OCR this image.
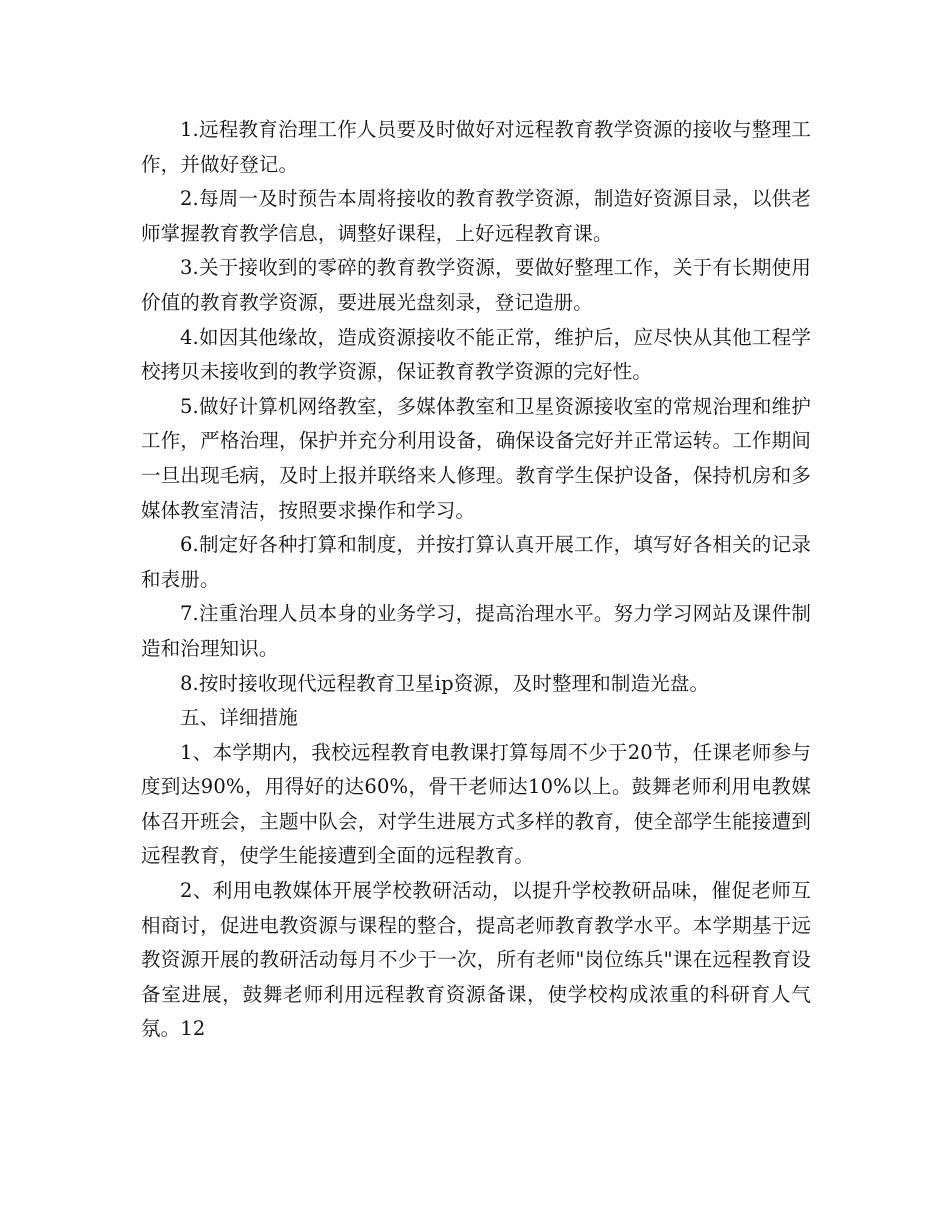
1.远程教育治理工作人员要及时做好对远程教育教学资源的接收与整理工作，并做好登记。

2.每周一及时预告本周将接收的教育教学资源，制造好资源目录，以供老师掌握教育教学信息，调整好课程，上好远程教育课。

3.关于接收到的零碎的教育教学资源，要做好整理工作，关于有长期使用价值的教育教学资源，要进展光盘刻录，登记造册。

4.如因其他缘故，造成资源接收不能正常，维护后，应尽快从其他工程学校拷贝未接收到的教学资源，保证教育教学资源的完好性。

5.做好计算机网络教室，多媒体教室和卫星资源接收室的常规治理和维护工作，严格治理，保护并充分利用设备，确保设备完好并正常运转。工作期间一旦出现毛病，及时上报并联络来人修理。教育学生保护设备，保持机房和多媒体教室清洁，按照要求操作和学习。

6.制定好各种打算和制度，并按打算认真开展工作，填写好各相关的记录和表册。

7.注重治理人员本身的业务学习，提高治理水平。努力学习网站及课件制造和治理知识。

8.按时接收现代远程教育卫星ip资源，及时整理和制造光盘。

五、详细措施

1、本学期内，我校远程教育电教课打算每周不少于20节，任课老师参与度到达90%，用得好的达60%，骨干老师达10%以上。鼓舞老师利用电教媒体召开班会，主题中队会，对学生进展方式多样的教育，使全部学生能接遭到远程教育，使学生能接遭到全面的远程教育。

2、利用电教媒体开展学校教研活动，以提升学校教研品味，催促老师互相商讨，促进电教资源与课程的整合，提高老师教育教学水平。本学期基于远教资源开展的教研活动每月不少于一次，所有老师"岗位练兵"课在远程教育设备室进展，鼓舞老师利用远程教育资源备课，使学校构成浓重的科研育人气氛。12
